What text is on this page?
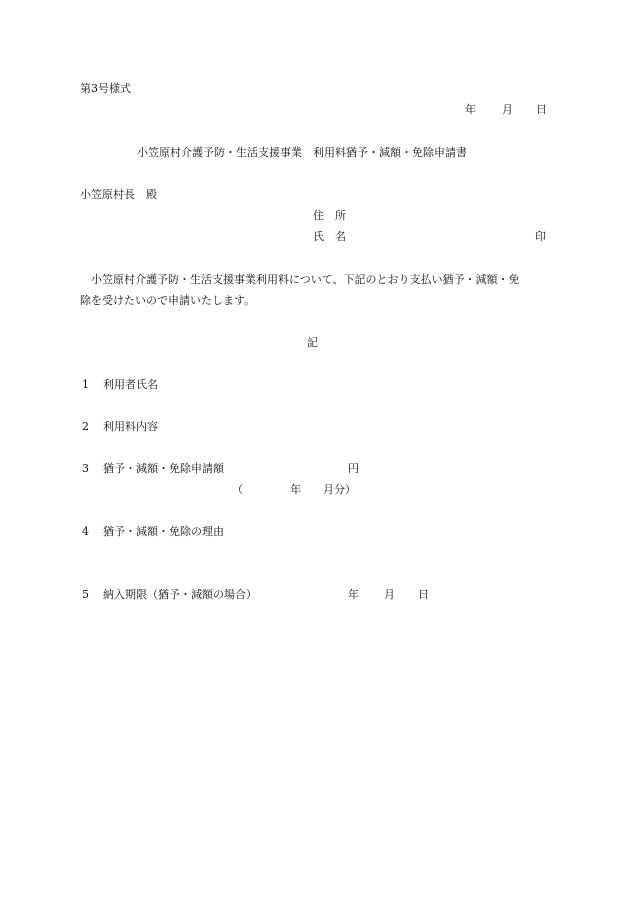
第3号様式
年 月 日
小笠原村介護予防・生活支援事業　利用料猶予・減額・免除申請書
小笠原村長　殿
住　所
氏　名	印
小笠原村介護予防・生活支援事業利用料について、下記のとおり支払い猶予・減額・免
除を受けたいので申請いたします。
記
1 利用者氏名
2 利用料内容
3 猶予・減額・免除申請額	円
（	年 月分）
4 猶予・減額・免除の理由
5 納入期限（猶予・減額の場合）	年 月 日
